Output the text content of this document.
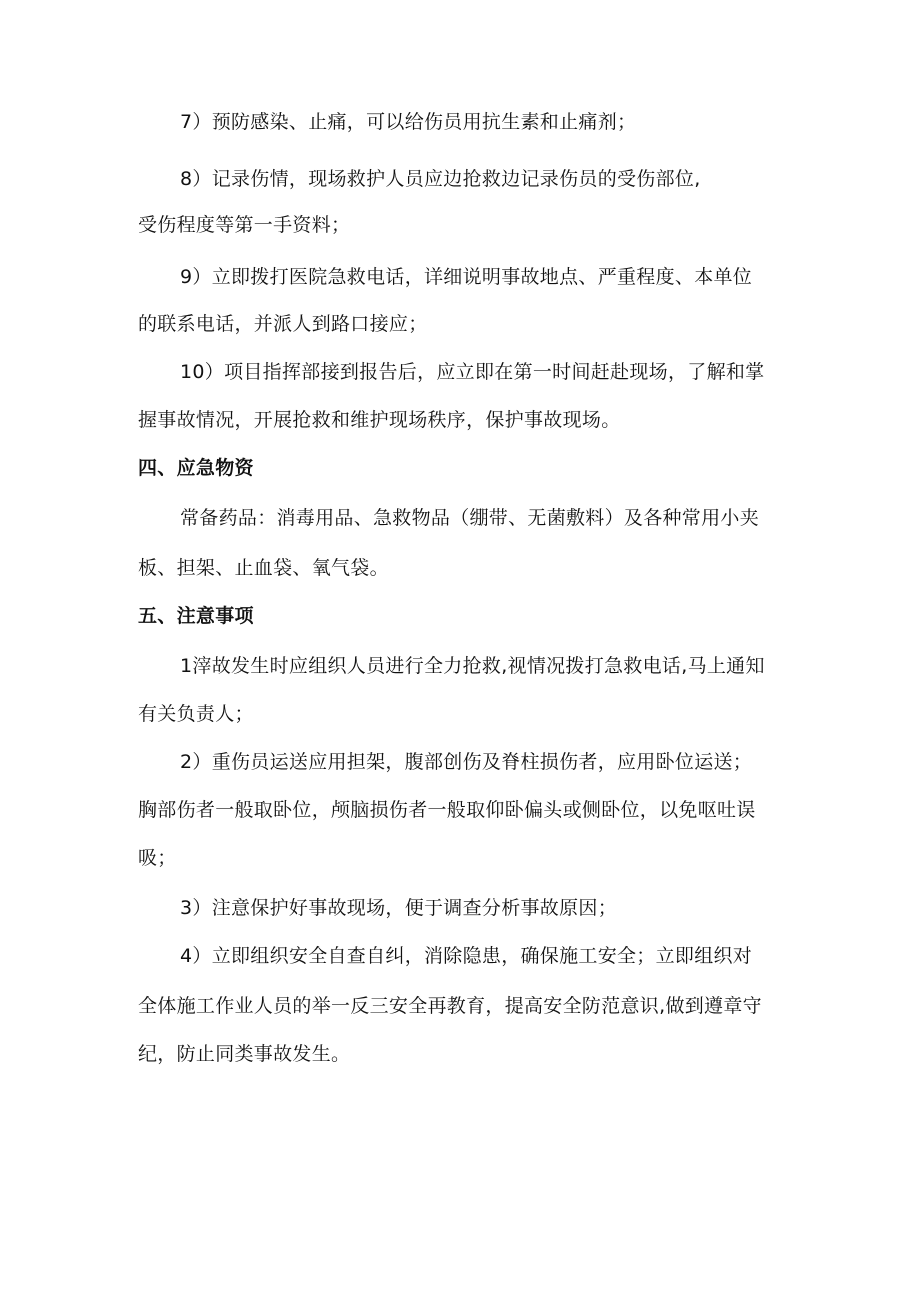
7）预防感染、止痛，可以给伤员用抗生素和止痛剂；
8）记录伤情，现场救护人员应边抢救边记录伤员的受伤部位,
受伤程度等第一手资料；
9）立即拨打医院急救电话，详细说明事故地点、严重程度、本单位
的联系电话，并派人到路口接应；
10）项目指挥部接到报告后，应立即在第一时间赶赴现场，了解和掌
握事故情况，开展抢救和维护现场秩序，保护事故现场。
四、应急物资
常备药品：消毒用品、急救物品（绷带、无菌敷料）及各种常用小夹
板、担架、止血袋、氧气袋。
五、注意事项
1滓故发生时应组织人员进行全力抢救,视情况拨打急救电话,马上通知
有关负责人；
2）重伤员运送应用担架，腹部创伤及脊柱损伤者，应用卧位运送；
胸部伤者一般取卧位，颅脑损伤者一般取仰卧偏头或侧卧位，以免呕吐误
吸；
3）注意保护好事故现场，便于调查分析事故原因；
4）立即组织安全自查自纠，消除隐患，确保施工安全；立即组织对
全体施工作业人员的举一反三安全再教育，提高安全防范意识,做到遵章守
纪，防止同类事故发生。
